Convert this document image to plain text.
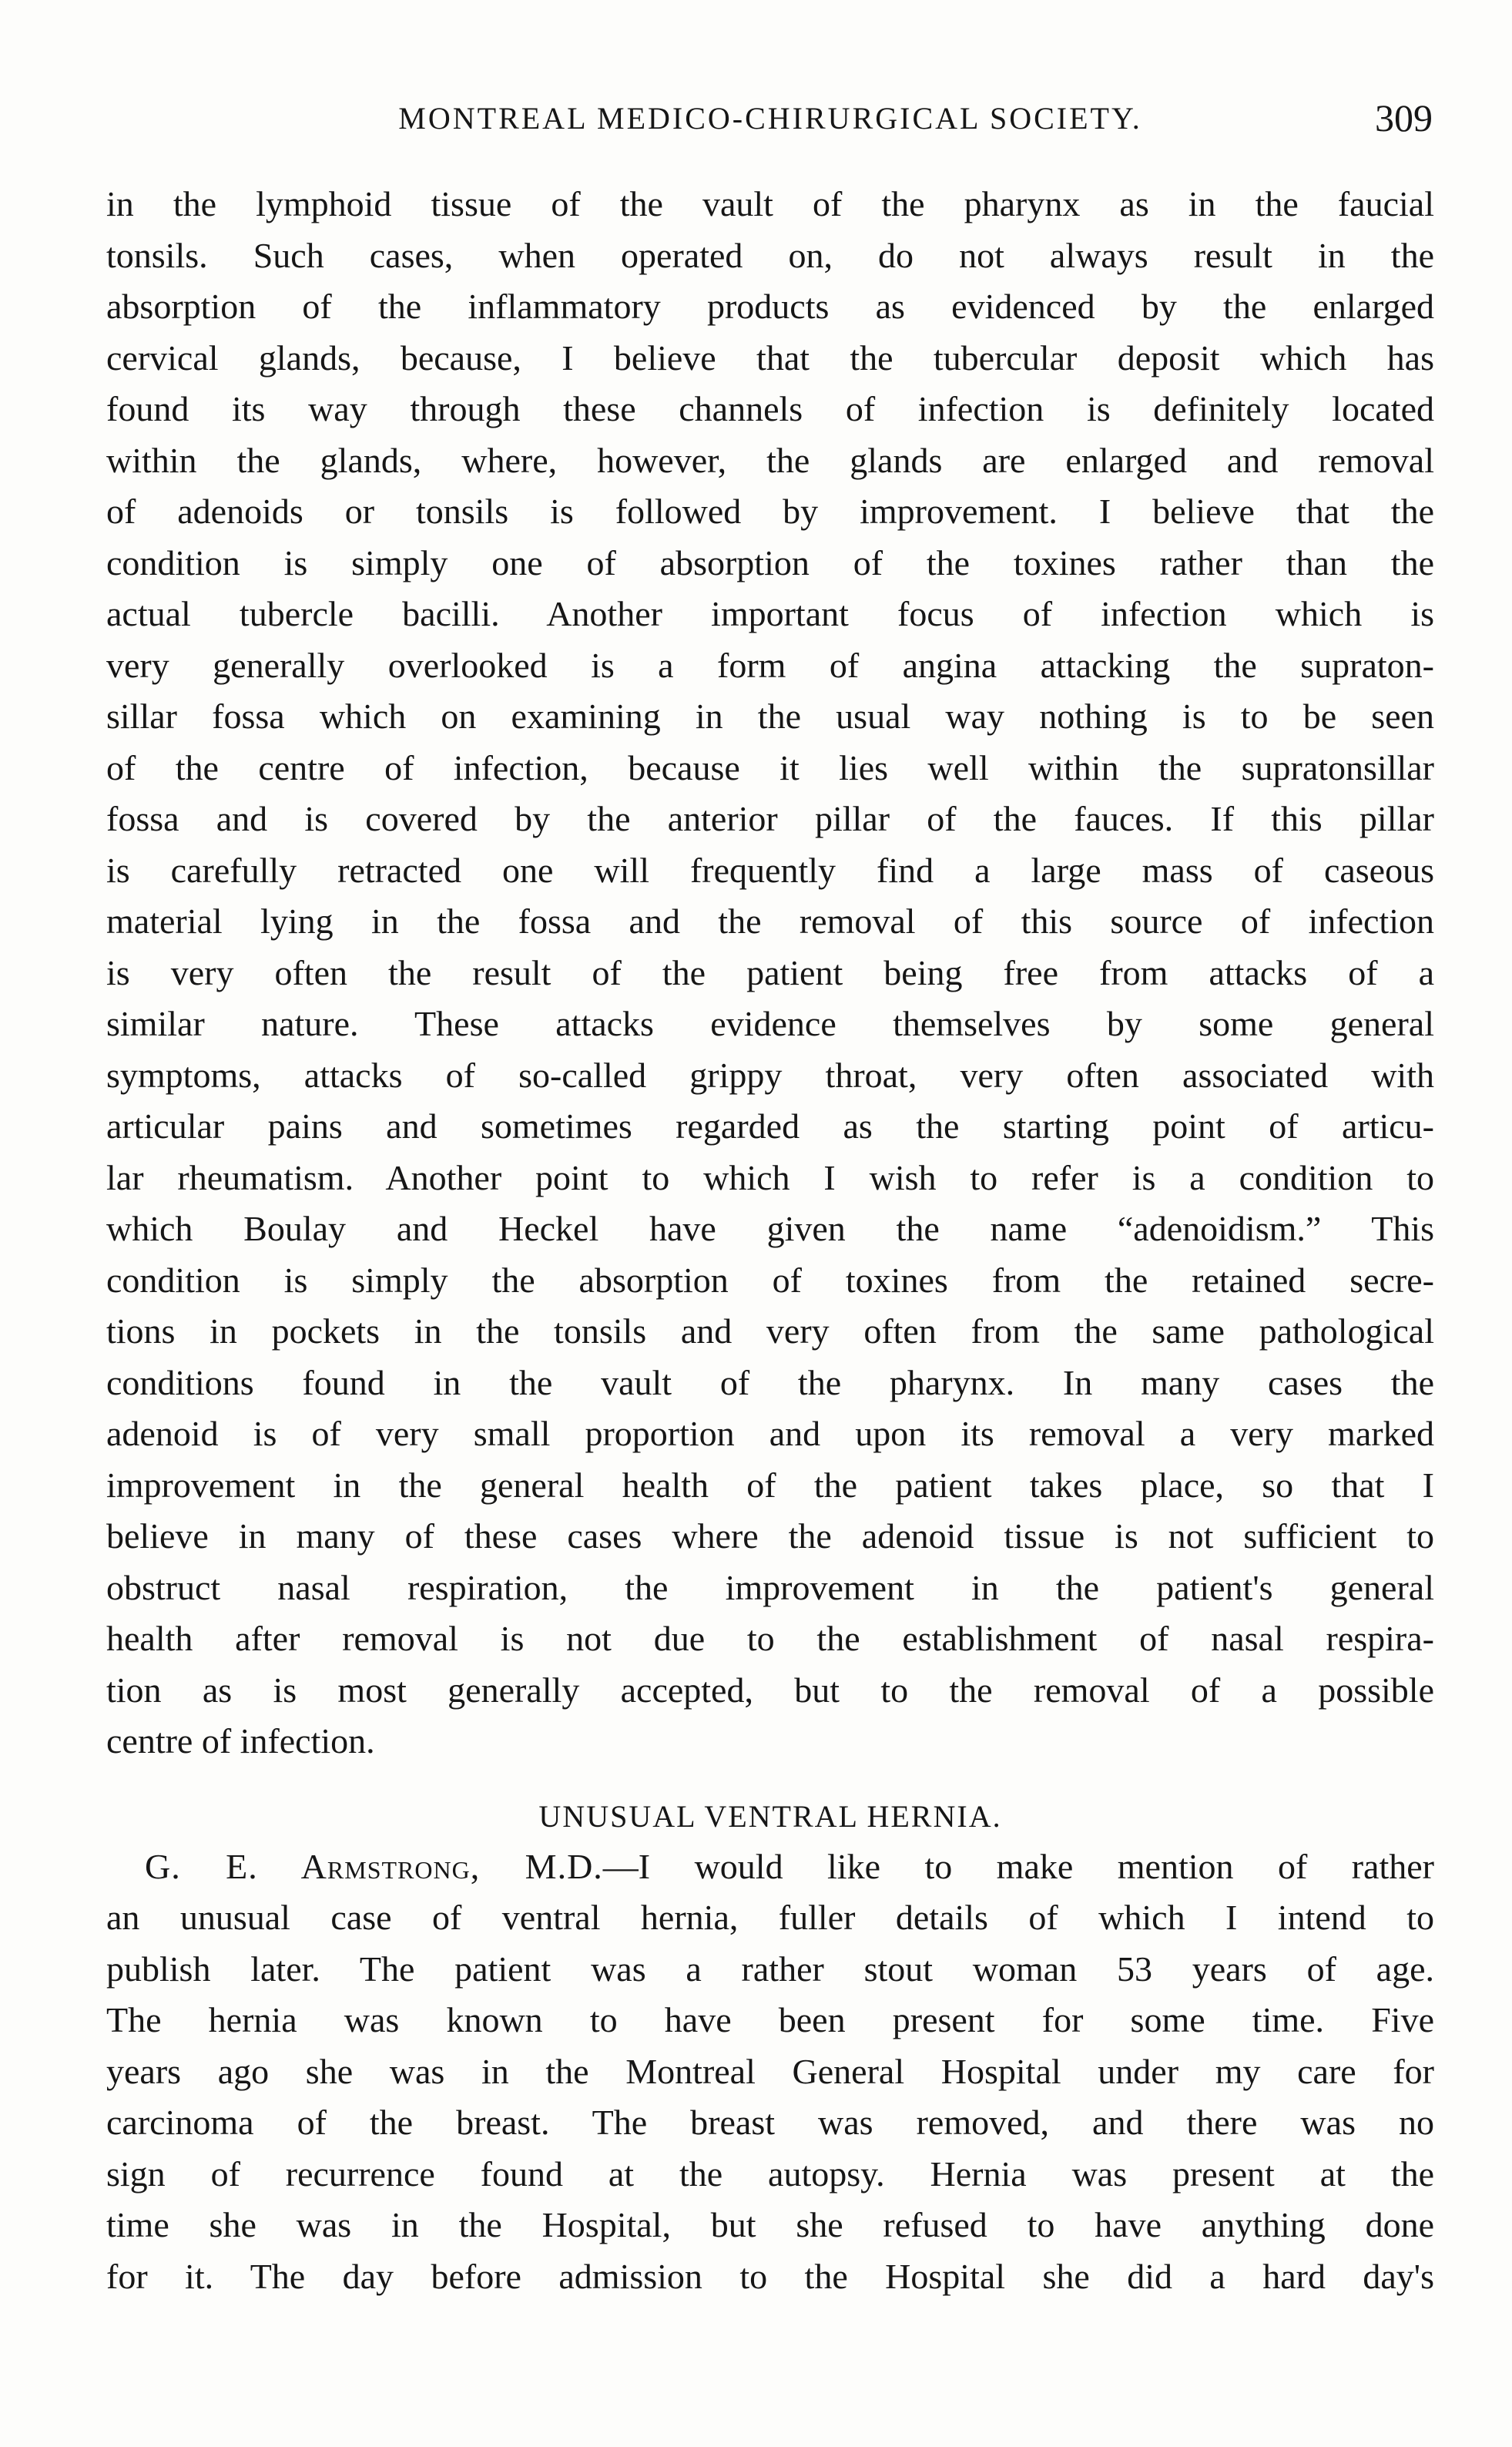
MONTREAL MEDICO-CHIRURGICAL SOCIETY.	309
in the lymphoid tissue of the vault of the pharynx as in the faucial
tonsils. Such cases, when operated on, do not always result in the
absorption of the inflammatory products as evidenced by the enlarged
cervical glands, because, I believe that the tubercular deposit which has
found its way through these channels of infection is definitely located
within the glands, where, however, the glands are enlarged and removal
of adenoids or tonsils is followed by improvement. I believe that the
condition is simply one of absorption of the toxines rather than the
actual tubercle bacilli. Another important focus of infection which is
very generally overlooked is a form of angina attacking the supraton-
sillar fossa which on examining in the usual way nothing is to be seen
of the centre of infection, because it lies well within the supratonsillar
fossa and is covered by the anterior pillar of the fauces. If this pillar
is carefully retracted one will frequently find a large mass of caseous
material lying in the fossa and the removal of this source of infection
is very often the result of the patient being free from attacks of a
similar nature. These attacks evidence themselves by some general
symptoms, attacks of so-called grippy throat, very often associated with
articular pains and sometimes regarded as the starting point of articu-
lar rheumatism. Another point to which I wish to refer is a condition to
which Boulay and Heckel have given the name “adenoidism.” This
condition is simply the absorption of toxines from the retained secre-
tions in pockets in the tonsils and very often from the same pathological
conditions found in the vault of the pharynx. In many cases the
adenoid is of very small proportion and upon its removal a very marked
improvement in the general health of the patient takes place, so that I
believe in many of these cases where the adenoid tissue is not sufficient to
obstruct nasal respiration, the improvement in the patient's general
health after removal is not due to the establishment of nasal respira-
tion as is most generally accepted, but to the removal of a possible
centre of infection.
UNUSUAL VENTRAL HERNIA.
G. E. Armstrong, M.D.—I would like to make mention of rather
an unusual case of ventral hernia, fuller details of which I intend to
publish later. The patient was a rather stout woman 53 years of age.
The hernia was known to have been present for some time. Five
years ago she was in the Montreal General Hospital under my care for
carcinoma of the breast. The breast was removed, and there was no
sign of recurrence found at the autopsy. Hernia was present at the
time she was in the Hospital, but she refused to have anything done
for it. The day before admission to the Hospital she did a hard day's
